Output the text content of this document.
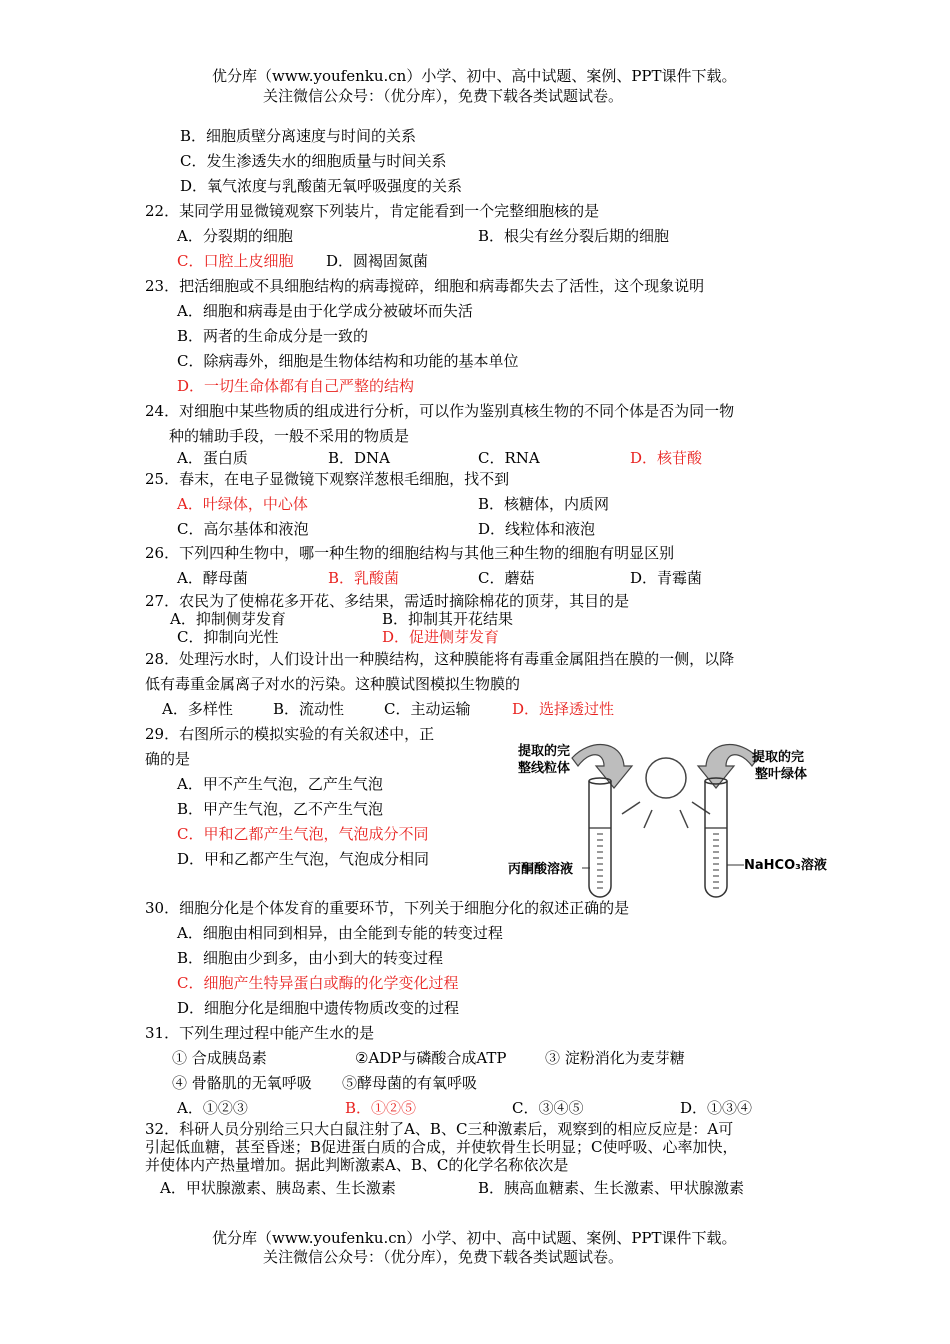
优分库（www.youfenku.cn）小学、初中、高中试题、案例、PPT课件下载。
关注微信公众号：（优分库），免费下载各类试题试卷。
B．细胞质壁分离速度与时间的关系
C．发生渗透失水的细胞质量与时间关系
D．氧气浓度与乳酸菌无氧呼吸强度的关系
22．某同学用显微镜观察下列装片，肯定能看到一个完整细胞核的是
A．分裂期的细胞	B．根尖有丝分裂后期的细胞
C．口腔上皮细胞 D．圆褐固氮菌
23．把活细胞或不具细胞结构的病毒搅碎，细胞和病毒都失去了活性，这个现象说明
A．细胞和病毒是由于化学成分被破坏而失活
B．两者的生命成分是一致的
C．除病毒外，细胞是生物体结构和功能的基本单位
D．一切生命体都有自己严整的结构
24．对细胞中某些物质的组成进行分析，可以作为鉴别真核生物的不同个体是否为同一物
种的辅助手段，一般不采用的物质是
A．蛋白质	B．DNA	C．RNA	D．核苷酸
25．春末，在电子显微镜下观察洋葱根毛细胞，找不到
A．叶绿体，中心体	B．核糖体，内质网
C．高尔基体和液泡	D．线粒体和液泡
26．下列四种生物中，哪一种生物的细胞结构与其他三种生物的细胞有明显区别
A．酵母菌	B．乳酸菌	C．蘑菇	D．青霉菌
27．农民为了使棉花多开花、多结果，需适时摘除棉花的顶芽，其目的是
A．抑制侧芽发育	B．抑制其开花结果
C．抑制向光性	D．促进侧芽发育
28．处理污水时，人们设计出一种膜结构，这种膜能将有毒重金属阻挡在膜的一侧，以降
低有毒重金属离子对水的污染。这种膜试图模拟生物膜的
A．多样性	B．流动性	C．主动运输	D．选择透过性
29．右图所示的模拟实验的有关叙述中，正
确的是
A．甲不产生气泡，乙产生气泡
B．甲产生气泡，乙不产生气泡
C．甲和乙都产生气泡，气泡成分不同
D．甲和乙都产生气泡，气泡成分相同
提取的完
整线粒体
提取的完
整叶绿体
丙酮酸溶液	NaHCO₃溶液
30．细胞分化是个体发育的重要环节，下列关于细胞分化的叙述正确的是
A．细胞由相同到相异，由全能到专能的转变过程
B．细胞由少到多，由小到大的转变过程
C．细胞产生特异蛋白或酶的化学变化过程
D．细胞分化是细胞中遗传物质改变的过程
31．下列生理过程中能产生水的是
① 合成胰岛素	②ADP与磷酸合成ATP	③ 淀粉消化为麦芽糖
④ 骨骼肌的无氧呼吸 ⑤酵母菌的有氧呼吸
A．①②③	B．①②⑤	C．③④⑤	D．①③④
32．科研人员分别给三只大白鼠注射了A、B、C三种激素后，观察到的相应反应是：A可
引起低血糖，甚至昏迷；B促进蛋白质的合成，并使软骨生长明显；C使呼吸、心率加快，
并使体内产热量增加。据此判断激素A、B、C的化学名称依次是
A．甲状腺激素、胰岛素、生长激素	B．胰高血糖素、生长激素、甲状腺激素
优分库（www.youfenku.cn）小学、初中、高中试题、案例、PPT课件下载。
关注微信公众号：（优分库），免费下载各类试题试卷。
